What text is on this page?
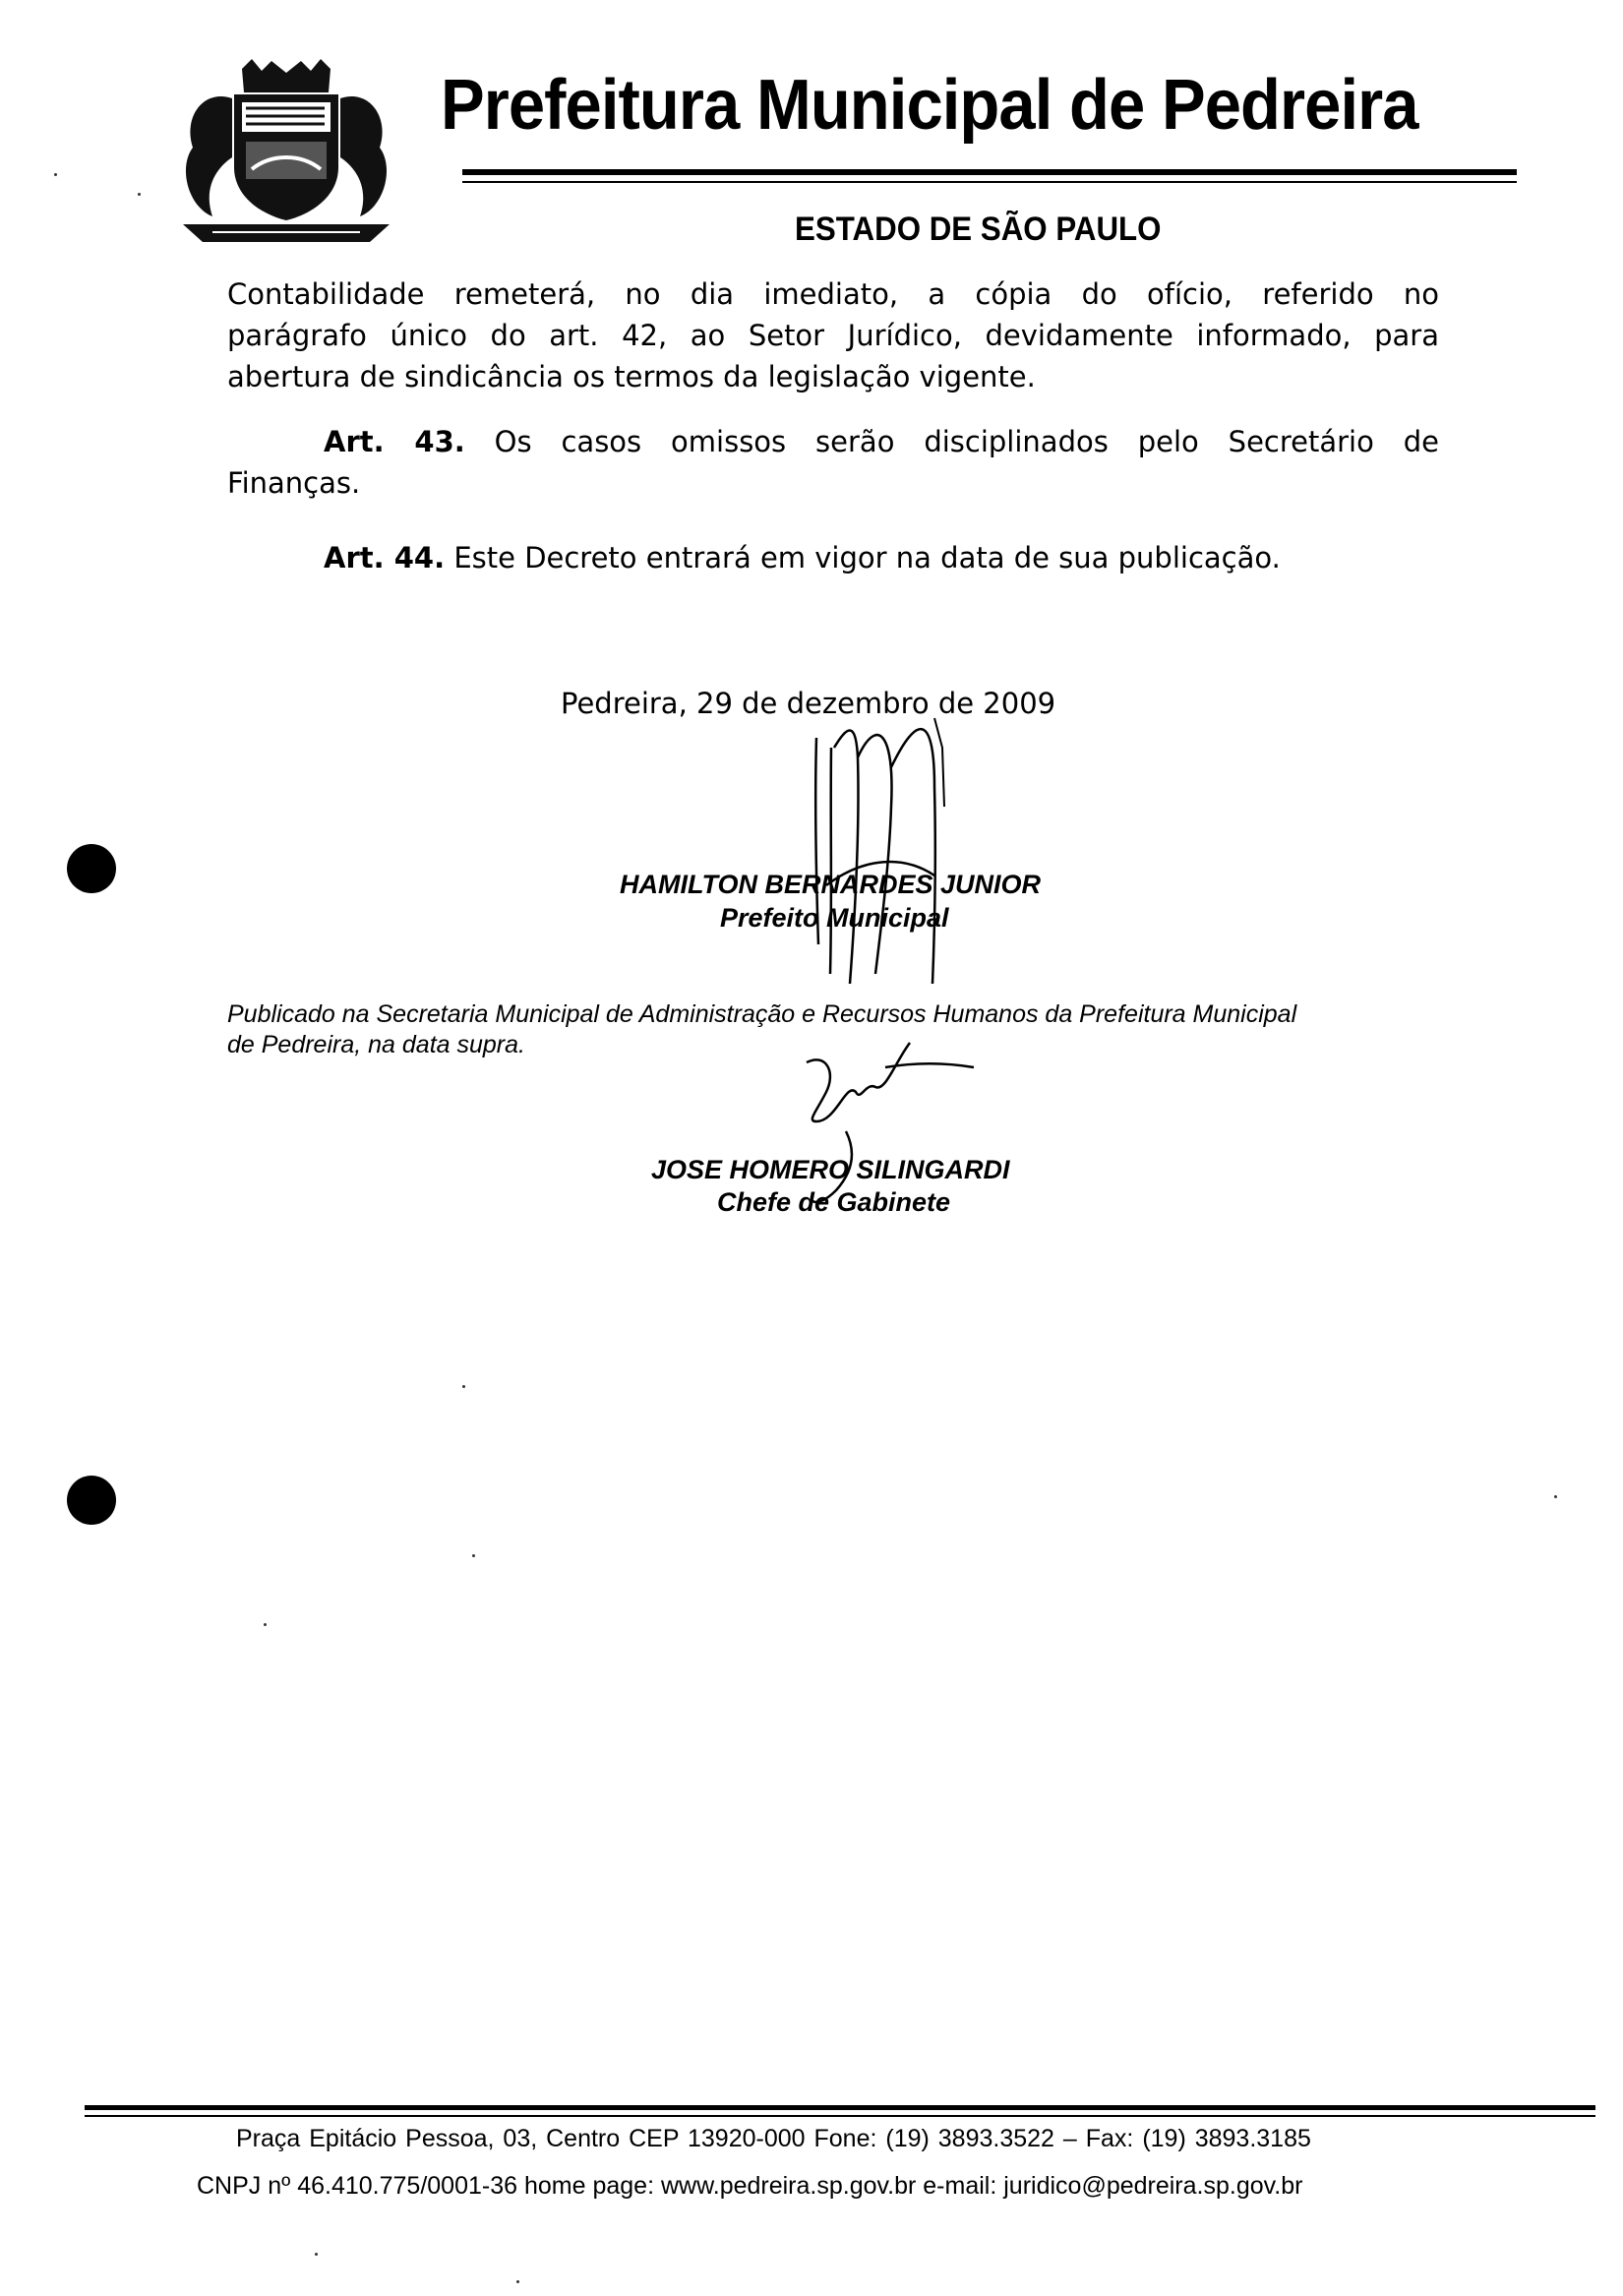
Prefeitura Municipal de Pedreira
ESTADO DE SÃO PAULO
Contabilidade remeterá, no dia imediato, a cópia do ofício, referido no
parágrafo único do art. 42, ao Setor Jurídico, devidamente informado, para
abertura de sindicância os termos da legislação vigente.
Art. 43. Os casos omissos serão disciplinados pelo Secretário de
Finanças.
Art. 44. Este Decreto entrará em vigor na data de sua publicação.
Pedreira, 29 de dezembro de 2009
HAMILTON BERNARDES JUNIOR
Prefeito Municipal
Publicado na Secretaria Municipal de Administração e Recursos Humanos da Prefeitura Municipal
de Pedreira, na data supra.
JOSE HOMERO SILINGARDI
Chefe de Gabinete
Praça Epitácio Pessoa, 03, Centro CEP 13920-000 Fone: (19) 3893.3522 – Fax: (19) 3893.3185
CNPJ nº 46.410.775/0001-36 home page: www.pedreira.sp.gov.br e-mail: juridico@pedreira.sp.gov.br
